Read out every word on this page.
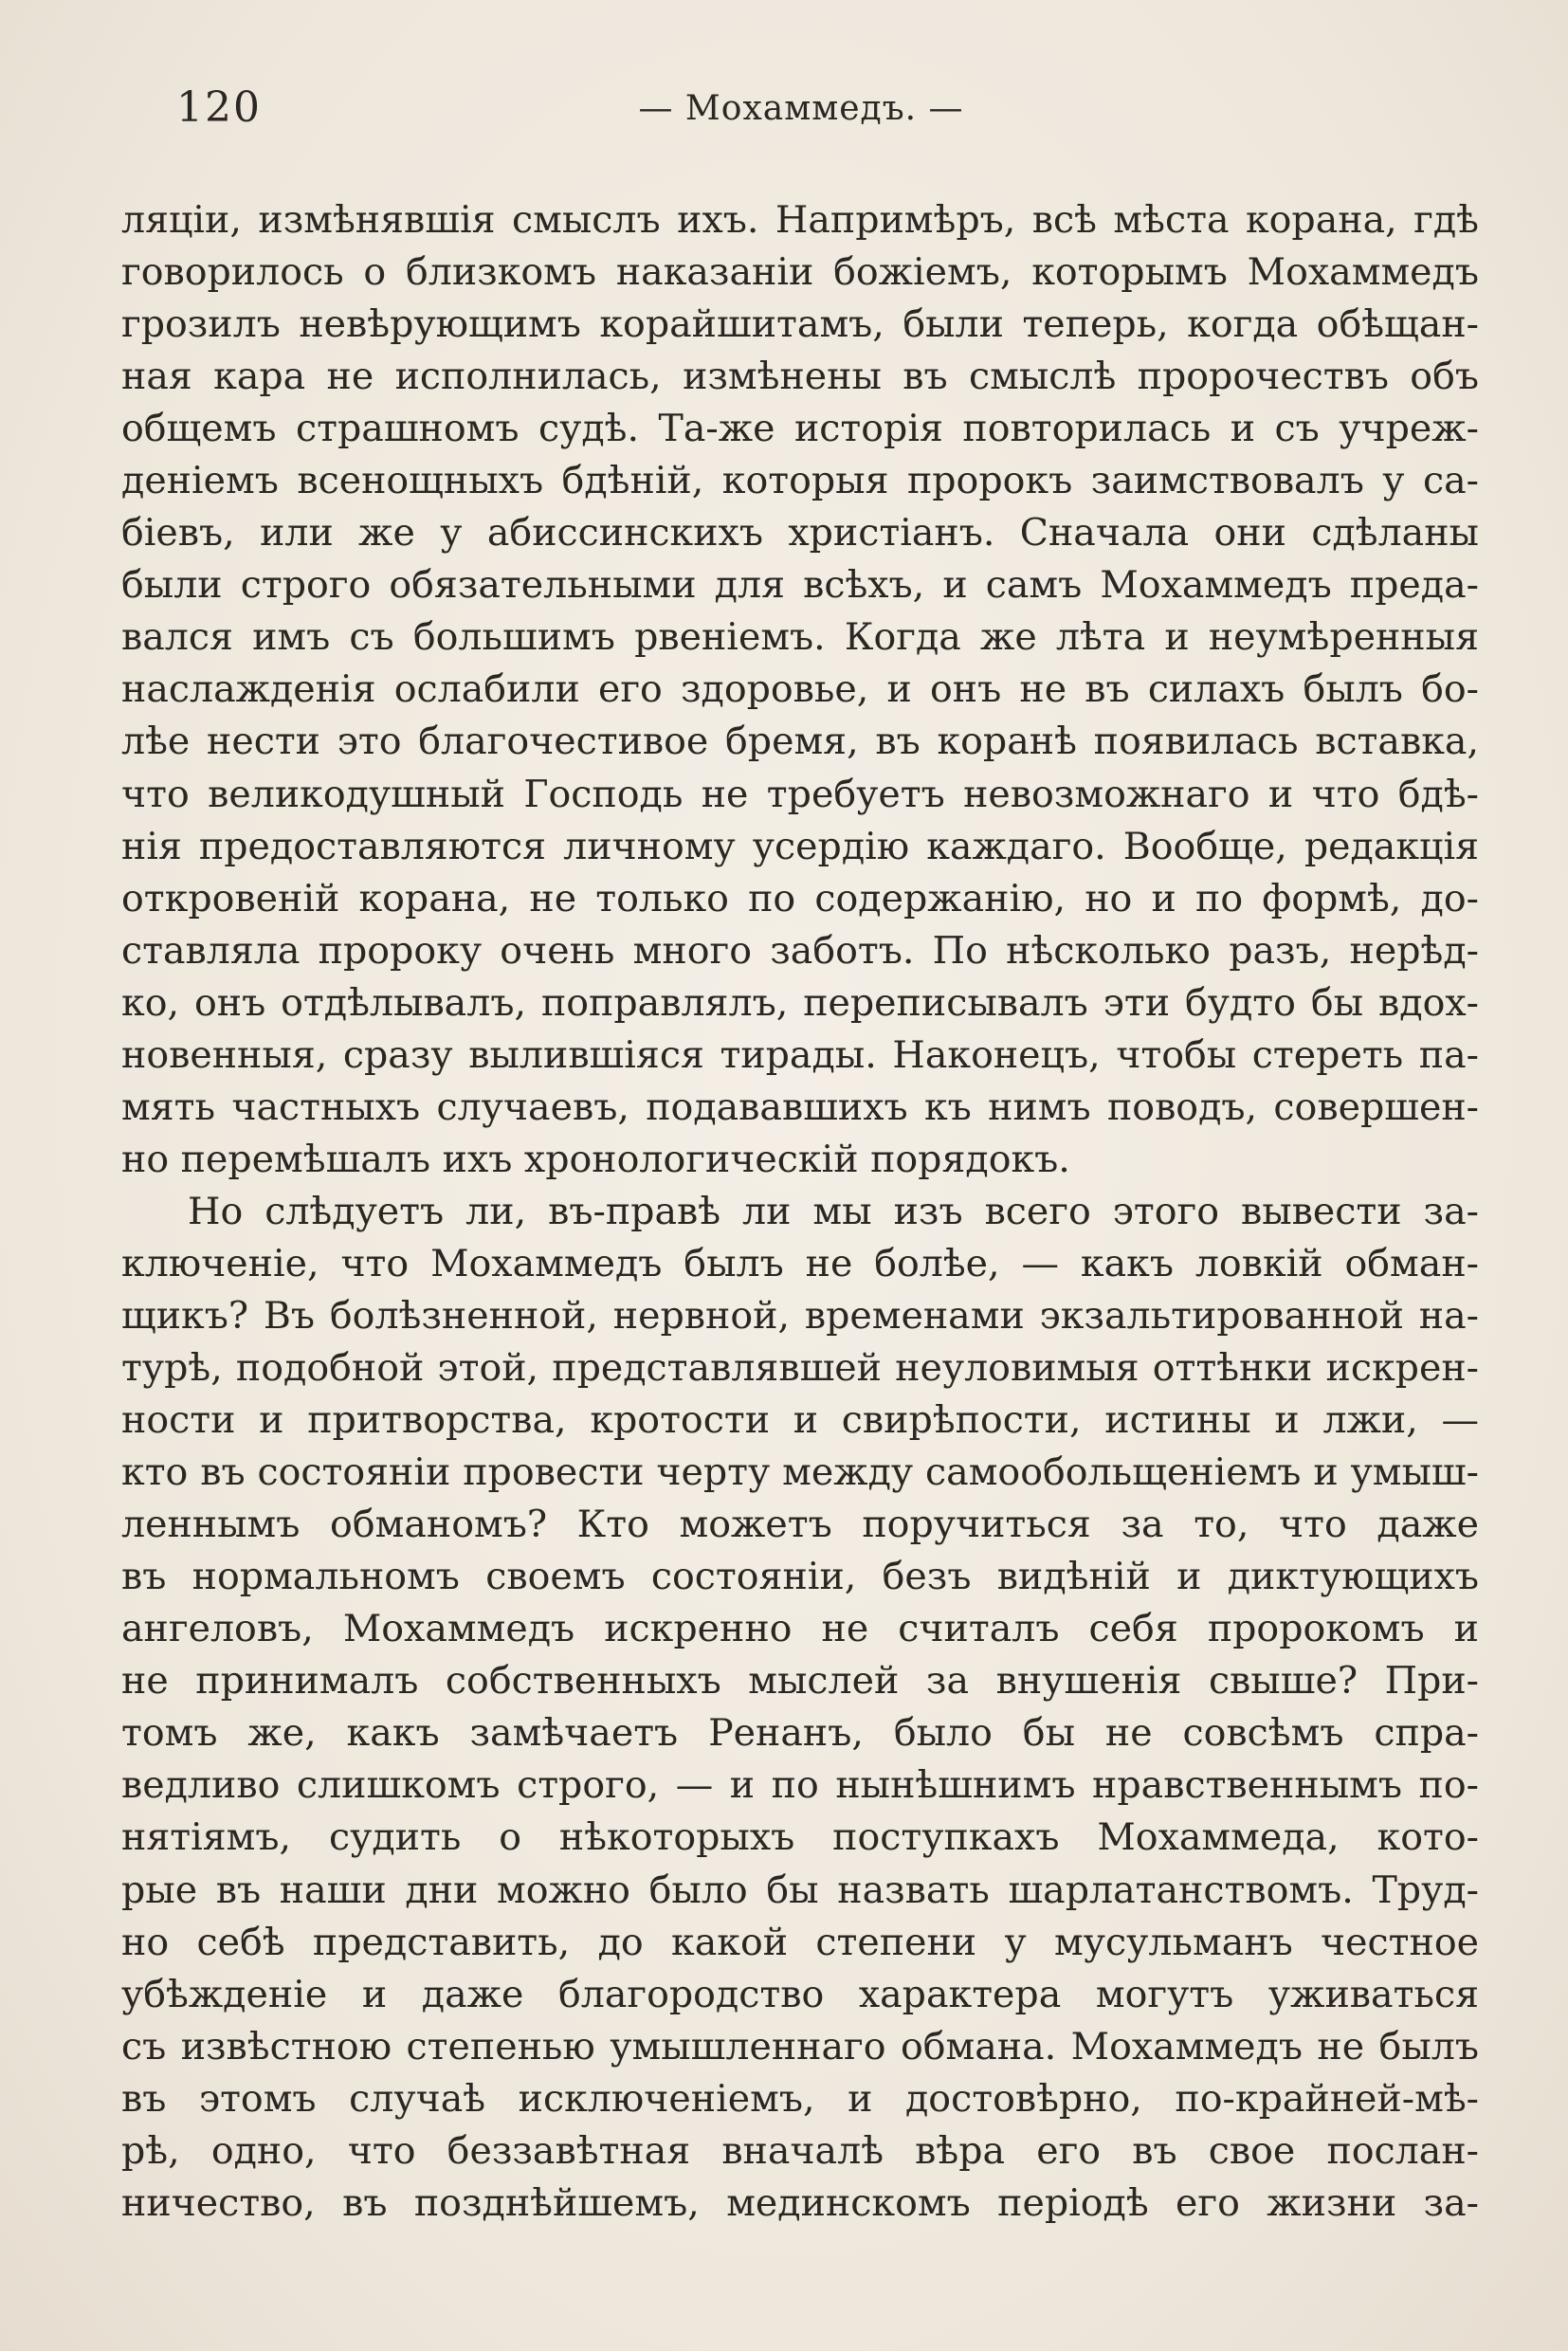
120	— Мохаммедъ. —
ляціи, измѣнявшія смыслъ ихъ. Напримѣръ, всѣ мѣста корана, гдѣ
говорилось о близкомъ наказаніи божіемъ, которымъ Мохаммедъ
грозилъ невѣрующимъ корайшитамъ, были теперь, когда обѣщан-
ная кара не исполнилась, измѣнены въ смыслѣ пророчествъ объ
общемъ страшномъ судѣ. Та-же исторія повторилась и съ учреж-
деніемъ всенощныхъ бдѣній, которыя пророкъ заимствовалъ у са-
біевъ, или же у абиссинскихъ христіанъ. Сначала они сдѣланы
были строго обязательными для всѣхъ, и самъ Мохаммедъ преда-
вался имъ съ большимъ рвеніемъ. Когда же лѣта и неумѣренныя
наслажденія ослабили его здоровье, и онъ не въ силахъ былъ бо-
лѣе нести это благочестивое бремя, въ коранѣ появилась вставка,
что великодушный Господь не требуетъ невозможнаго и что бдѣ-
нія предоставляются личному усердію каждаго. Вообще, редакція
откровеній корана, не только по содержанію, но и по формѣ, до-
ставляла пророку очень много заботъ. По нѣсколько разъ, нерѣд-
ко, онъ отдѣлывалъ, поправлялъ, переписывалъ эти будто бы вдох-
новенныя, сразу вылившіяся тирады. Наконецъ, чтобы стереть па-
мять частныхъ случаевъ, подававшихъ къ нимъ поводъ, совершен-
но перемѣшалъ ихъ хронологическій порядокъ.
Но слѣдуетъ ли, въ-правѣ ли мы изъ всего этого вывести за-
ключеніе, что Мохаммедъ былъ не болѣе, — какъ ловкій обман-
щикъ? Въ болѣзненной, нервной, временами экзальтированной на-
турѣ, подобной этой, представлявшей неуловимыя оттѣнки искрен-
ности и притворства, кротости и свирѣпости, истины и лжи, —
кто въ состояніи провести черту между самообольщеніемъ и умыш-
леннымъ обманомъ? Кто можетъ поручиться за то, что даже
въ нормальномъ своемъ состояніи, безъ видѣній и диктующихъ
ангеловъ, Мохаммедъ искренно не считалъ себя пророкомъ и
не принималъ собственныхъ мыслей за внушенія свыше? При-
томъ же, какъ замѣчаетъ Ренанъ, было бы не совсѣмъ спра-
ведливо слишкомъ строго, — и по нынѣшнимъ нравственнымъ по-
нятіямъ, судить о нѣкоторыхъ поступкахъ Мохаммеда, кото-
рые въ наши дни можно было бы назвать шарлатанствомъ. Труд-
но себѣ представить, до какой степени у мусульманъ честное
убѣжденіе и даже благородство характера могутъ уживаться
съ извѣстною степенью умышленнаго обмана. Мохаммедъ не былъ
въ этомъ случаѣ исключеніемъ, и достовѣрно, по-крайней-мѣ-
рѣ, одно, что беззавѣтная вначалѣ вѣра его въ свое послан-
ничество, въ позднѣйшемъ, мединскомъ періодѣ его жизни за-
